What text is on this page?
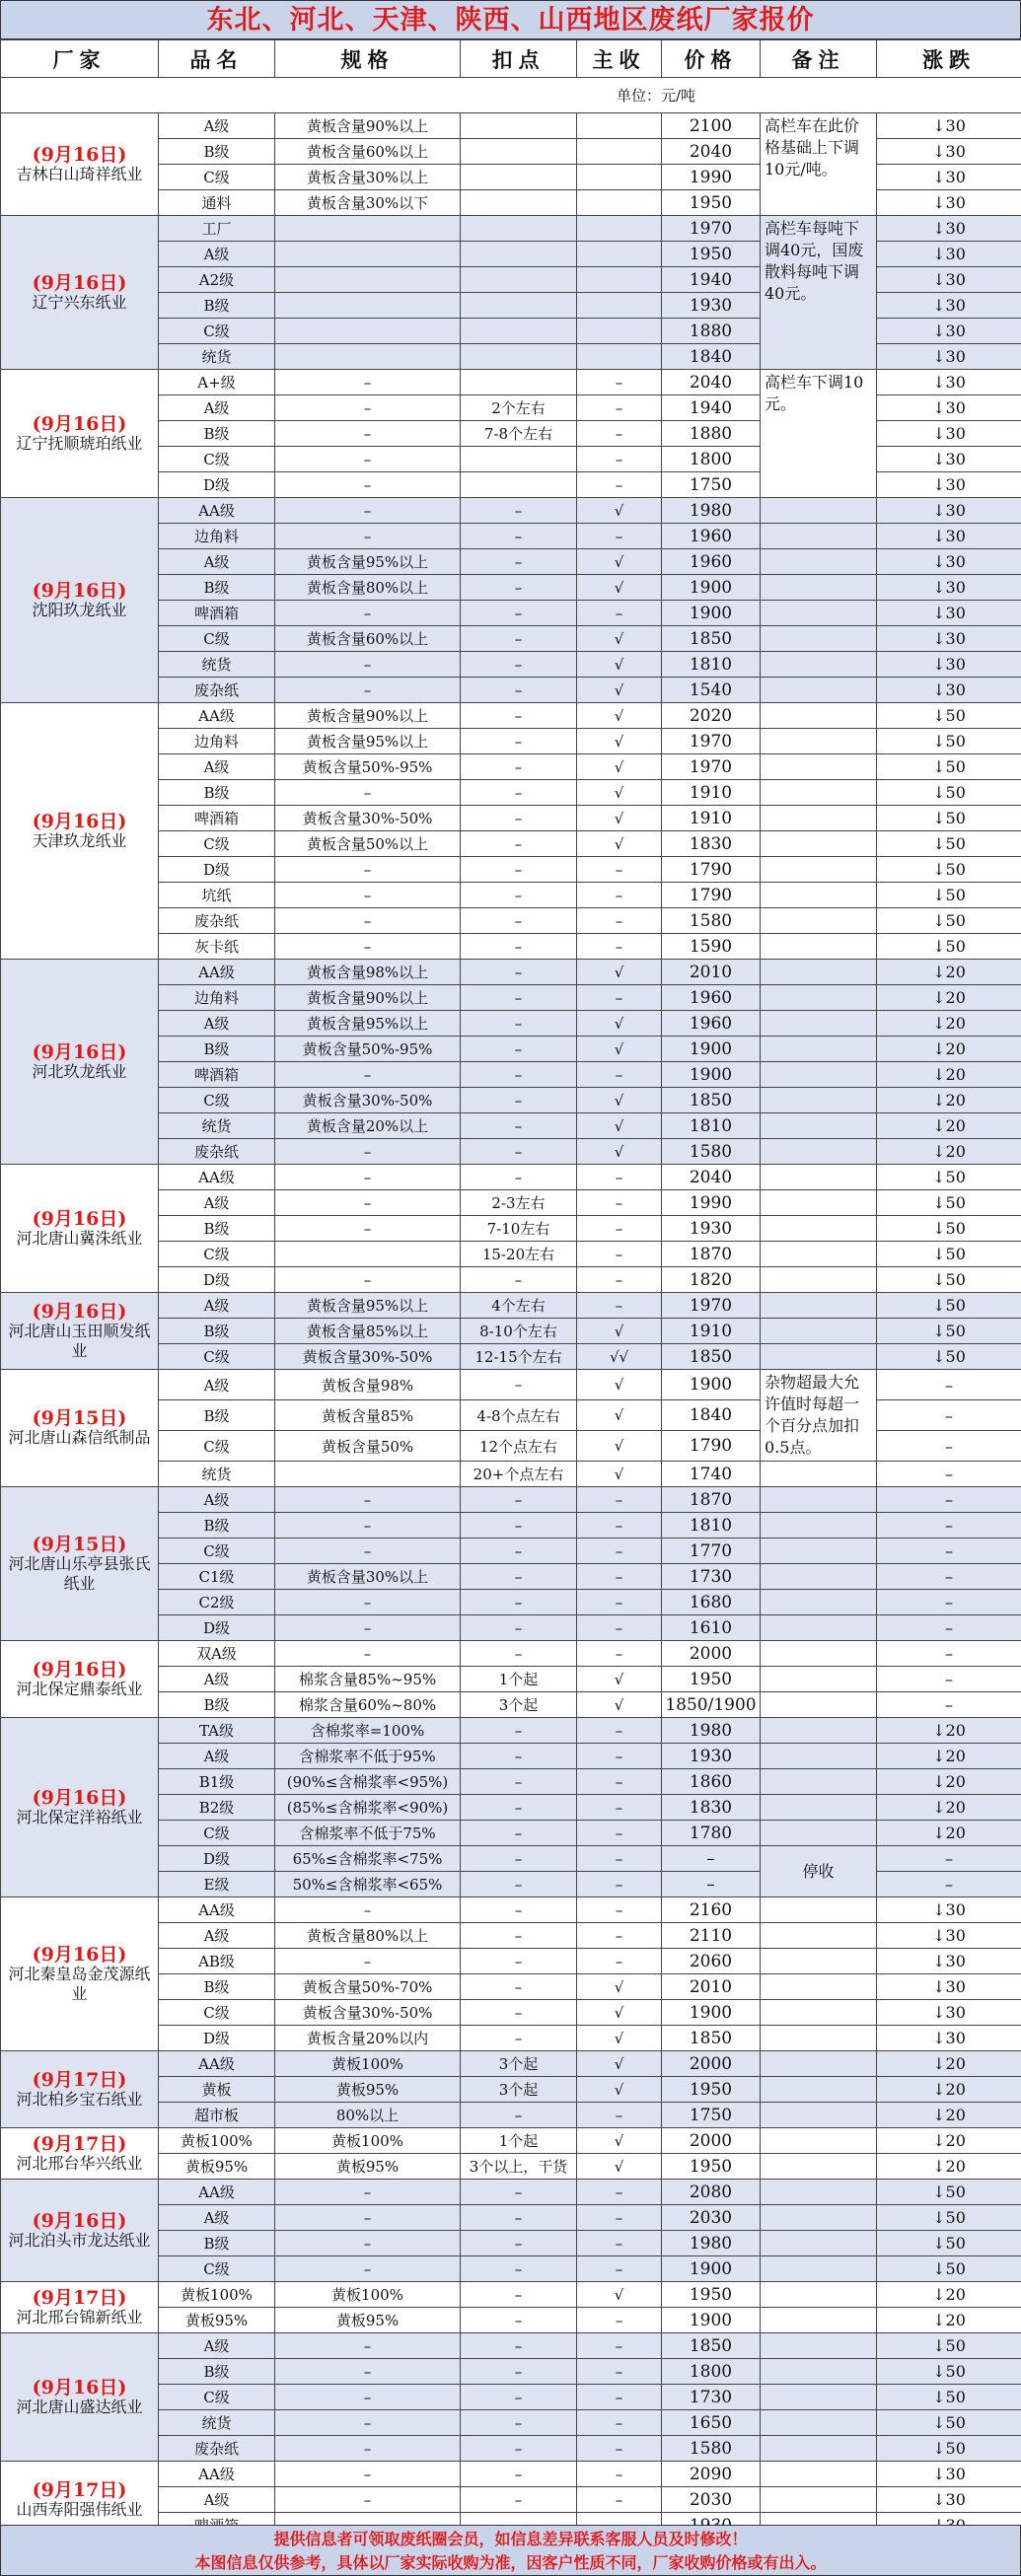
东北、河北、天津、陕西、山西地区废纸厂家报价
厂家	品名	规格	扣点	主收	价格	备注	涨跌
单位：元/吨							

(9月16日)
吉林白山琦祥纸业	A级	黄板含量90%以上			2100	高栏车在此价格基础上下调10元/吨。	↓30
	B级	黄板含量60%以上			2040		↓30
	C级	黄板含量30%以上			1990		↓30
	通料	黄板含量30%以下			1950		↓30

(9月16日)
辽宁兴东纸业	工厂				1970	高栏车每吨下调40元，国废散料每吨下调40元。	↓30
	A级				1950		↓30
	A2级				1940		↓30
	B级				1930		↓30
	C级				1880		↓30
	统货				1840		↓30

(9月16日)
辽宁抚顺琥珀纸业	A+级	–		–	2040	高栏车下调10元。	↓30
	A级	–	2个左右	–	1940		↓30
	B级	–	7-8个左右	–	1880		↓30
	C级	–		–	1800		↓30
	D级	–		–	1750		↓30

(9月16日)
沈阳玖龙纸业	AA级	–	–	√	1980		↓30
	边角料	–	–	–	1960		↓30
	A级	黄板含量95%以上	–	√	1960		↓30
	B级	黄板含量80%以上	–	√	1900		↓30
	啤酒箱	–	–	–	1900		↓30
	C级	黄板含量60%以上	–	√	1850		↓30
	统货	–	–	√	1810		↓30
	废杂纸	–	–	√	1540		↓30

(9月16日)
天津玖龙纸业	AA级	黄板含量90%以上	–	√	2020		↓50
	边角料	黄板含量95%以上	–	√	1970		↓50
	A级	黄板含量50%-95%	–	√	1970		↓50
	B级	–	–	√	1910		↓50
	啤酒箱	黄板含量30%-50%	–	√	1910		↓50
	C级	黄板含量50%以上	–	√	1830		↓50
	D级	–	–	–	1790		↓50
	坑纸	–	–	–	1790		↓50
	废杂纸	–	–	–	1580		↓50
	灰卡纸	–	–	–	1590		↓50

(9月16日)
河北玖龙纸业	AA级	黄板含量98%以上	–	√	2010		↓20
	边角料	黄板含量90%以上	–	–	1960		↓20
	A级	黄板含量95%以上	–	√	1960		↓20
	B级	黄板含量50%-95%	–	√	1900		↓20
	啤酒箱	–	–	–	1900		↓20
	C级	黄板含量30%-50%	–	√	1850		↓20
	统货	黄板含量20%以上	–	√	1810		↓20
	废杂纸	–	–	√	1580		↓20

(9月16日)
河北唐山冀洙纸业	AA级	–	–	–	2040		↓50
	A级	–	2-3左右	–	1990		↓50
	B级	–	7-10左右	–	1930		↓50
	C级		15-20左右	–	1870		↓50
	D级	–	–	–	1820		↓50

(9月16日)
河北唐山玉田顺发纸业	A级	黄板含量95%以上	4个左右	–	1970		↓50
	B级	黄板含量85%以上	8-10个左右	√	1910		↓50
	C级	黄板含量30%-50%	12-15个左右	√√	1850		↓50

(9月15日)
河北唐山森信纸制品	A级	黄板含量98%	–	√	1900	杂物超最大允许值时每超一个百分点加扣0.5点。	–
	B级	黄板含量85%	4-8个点左右	√	1840		–
	C级	黄板含量50%	12个点左右	√	1790		–
	统货		20+个点左右	√	1740		–

(9月15日)
河北唐山乐亭县张氏纸业	A级	–	–	–	1870		–
	B级	–	–	–	1810		–
	C级	–	–	–	1770		–
	C1级	黄板含量30%以上	–	–	1730		–
	C2级	–	–	–	1680		–
	D级	–	–	–	1610		–

(9月16日)
河北保定鼎泰纸业	双A级	–	–	–	2000		–
	A级	棉浆含量85%~95%	1个起	√	1950		–
	B级	棉浆含量60%~80%	3个起	√	1850/1900		–

(9月16日)
河北保定洋裕纸业	TA级	含棉浆率=100%	–	–	1980		↓20
	A级	含棉浆率不低于95%	–	–	1930		↓20
	B1级	(90%≤含棉浆率<95%)	–	–	1860		↓20
	B2级	(85%≤含棉浆率<90%)	–	–	1830		↓20
	C级	含棉浆率不低于75%	–	–	1780		↓20
	D级	65%≤含棉浆率<75%	–	–	–	停收	–
	E级	50%≤含棉浆率<65%	–	–	–		–

(9月16日)
河北秦皇岛金茂源纸业	AA级	–	–	–	2160		↓30
	A级	黄板含量80%以上	–	–	2110		↓30
	AB级	–	–	–	2060		↓30
	B级	黄板含量50%-70%	–	√	2010		↓30
	C级	黄板含量30%-50%	–	√	1900		↓30
	D级	黄板含量20%以内	–	√	1850		↓30

(9月17日)
河北柏乡宝石纸业	AA级	黄板100%	3个起	√	2000		↓20
	黄板	黄板95%	3个起	√	1950		↓20
	超市板	80%以上	–	–	1750		↓20

(9月17日)
河北邢台华兴纸业	黄板100%	黄板100%	1个起	√	2000		↓20
	黄板95%	黄板95%	3个以上，干货	√	1950		↓20

(9月16日)
河北泊头市龙达纸业	AA级	–	–	–	2080		↓50
	A级	–	–	–	2030		↓50
	B级	–	–	–	1980		↓50
	C级	–	–	–	1900		↓50

(9月17日)
河北邢台锦新纸业	黄板100%	黄板100%	–	√	1950		↓20
	黄板95%	黄板95%	–	–	1900		↓20

(9月16日)
河北唐山盛达纸业	A级	–	–	–	1850		↓50
	B级	–	–	–	1800		↓50
	C级	–	–	–	1730		↓50
	统货	–	–	–	1650		↓50
	废杂纸	–	–	–	1580		↓50

(9月17日)
山西寿阳强伟纸业	AA级	–	–	–	2090		↓30
	A级	–	–	–	2030		↓30

提供信息者可领取废纸圈会员，如信息差异联系客服人员及时修改！
本图信息仅供参考，具体以厂家实际收购为准，因客户性质不同，厂家收购价格或有出入。
